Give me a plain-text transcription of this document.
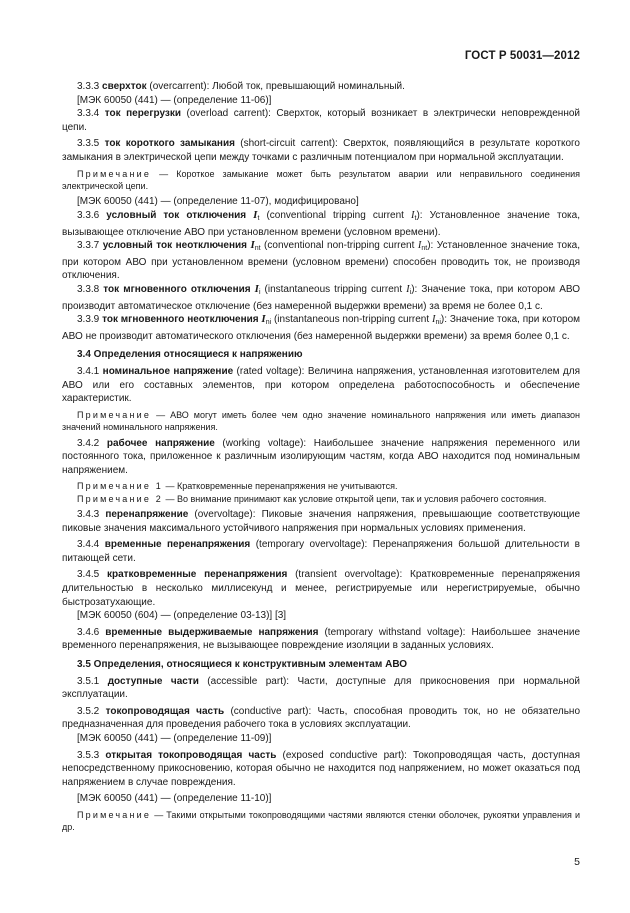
ГОСТ Р 50031—2012

3.3.3 сверхток (overcarrent): Любой ток, превышающий номинальный.

[МЭК 60050 (441) — (определение 11-06)]

3.3.4 ток перегрузки (overload carrent): Сверхток, который возникает в электрически неповрежденной цепи.

3.3.5 ток короткого замыкания (short-circuit carrent): Сверхток, появляющийся в результате короткого замыкания в электрической цепи между точками с различным потенциалом при нормальной эксплуатации.

Примечание — Короткое замыкание может быть результатом аварии или неправильного соединения электрической цепи.

[МЭК 60050 (441) — (определение 11-07), модифицировано]

3.3.6 условный ток отключения $I_t$ (conventional tripping current $I_t$): Установленное значение тока, вызывающее отключение АВО при установленном времени (условном времени).

3.3.7 условный ток неотключения $I_{nt}$ (conventional non-tripping current $I_{nt}$): Установленное значение тока, при котором АВО при установленном времени (условном времени) способен проводить ток, не производя отключения.

3.3.8 ток мгновенного отключения $I_i$ (instantaneous tripping current $I_i$): Значение тока, при котором АВО производит автоматическое отключение (без намеренной выдержки времени) за время не более 0,1 с.

3.3.9 ток мгновенного неотключения $I_{ni}$ (instantaneous non-tripping current $I_{ni}$): Значение тока, при котором АВО не производит автоматического отключения (без намеренной выдержки времени) за время более 0,1 с.

3.4 Определения относящиеся к напряжению

3.4.1 номинальное напряжение (rated voltage): Величина напряжения, установленная изготовителем для АВО или его составных элементов, при котором определена работоспособность и обеспечение характеристик.

Примечание — АВО могут иметь более чем одно значение номинального напряжения или иметь диапазон значений номинального напряжения.

3.4.2 рабочее напряжение (working voltage): Наибольшее значение напряжения переменного или постоянного тока, приложенное к различным изолирующим частям, когда АВО находится под номинальным напряжением.

Примечание 1 — Кратковременные перенапряжения не учитываются.

Примечание 2 — Во внимание принимают как условие открытой цепи, так и условия рабочего состояния.

3.4.3 перенапряжение (overvoltage): Пиковые значения напряжения, превышающие соответствующие пиковые значения максимального устойчивого напряжения при нормальных условиях применения.

3.4.4 временные перенапряжения (temporary overvoltage): Перенапряжения большой длительности в питающей сети.

3.4.5 кратковременные перенапряжения (transient overvoltage): Кратковременные перенапряжения длительностью в несколько миллисекунд и менее, регистрируемые или нерегистрируемые, обычно быстрозатухающие.

[МЭК 60050 (604) — (определение 03-13)] [3]

3.4.6 временные выдерживаемые напряжения (temporary withstand voltage): Наибольшее значение временного перенапряжения, не вызывающее повреждение изоляции в заданных условиях.

3.5 Определения, относящиеся к конструктивным элементам АВО

3.5.1 доступные части (accessible part): Части, доступные для прикосновения при нормальной эксплуатации.

3.5.2 токопроводящая часть (conductive part): Часть, способная проводить ток, но не обязательно предназначенная для проведения рабочего тока в условиях эксплуатации.

[МЭК 60050 (441) — (определение 11-09)]

3.5.3 открытая токопроводящая часть (exposed conductive part): Токопроводящая часть, доступная непосредственному прикосновению, которая обычно не находится под напряжением, но может оказаться под напряжением в случае повреждения.

[МЭК 60050 (441) — (определение 11-10)]

Примечание — Такими открытыми токопроводящими частями являются стенки оболочек, рукоятки управления и др.

5
